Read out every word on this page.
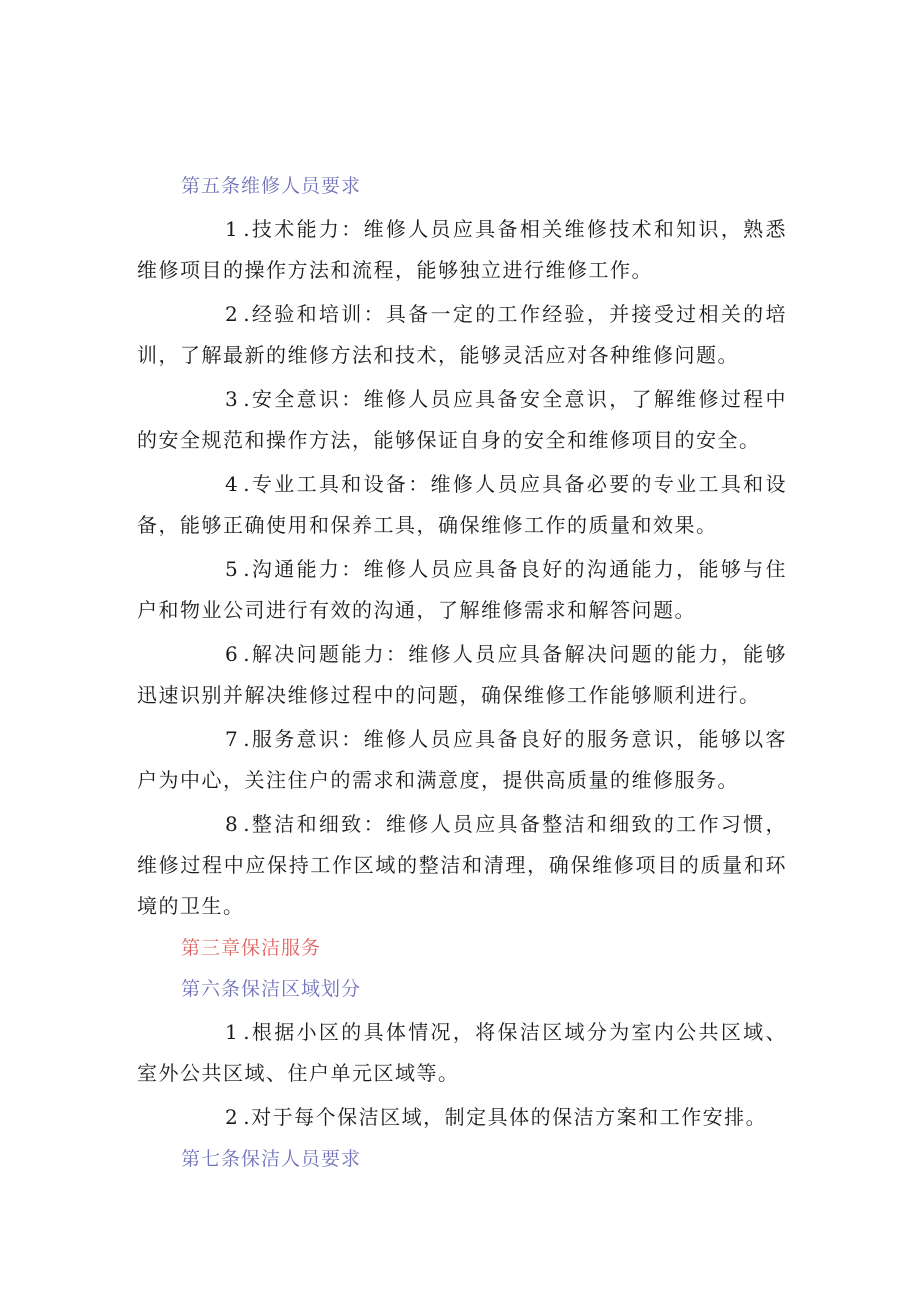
第五条维修人员要求

1 .技术能力：维修人员应具备相关维修技术和知识，熟悉维修项目的操作方法和流程，能够独立进行维修工作。

2 .经验和培训：具备一定的工作经验，并接受过相关的培训，了解最新的维修方法和技术，能够灵活应对各种维修问题。

3 .安全意识：维修人员应具备安全意识，了解维修过程中的安全规范和操作方法，能够保证自身的安全和维修项目的安全。

4 .专业工具和设备：维修人员应具备必要的专业工具和设备，能够正确使用和保养工具，确保维修工作的质量和效果。

5 .沟通能力：维修人员应具备良好的沟通能力，能够与住户和物业公司进行有效的沟通，了解维修需求和解答问题。

6 .解决问题能力：维修人员应具备解决问题的能力，能够迅速识别并解决维修过程中的问题，确保维修工作能够顺利进行。

7 .服务意识：维修人员应具备良好的服务意识，能够以客户为中心，关注住户的需求和满意度，提供高质量的维修服务。

8 .整洁和细致：维修人员应具备整洁和细致的工作习惯，维修过程中应保持工作区域的整洁和清理，确保维修项目的质量和环境的卫生。

第三章保洁服务
第六条保洁区域划分

1 .根据小区的具体情况，将保洁区域分为室内公共区域、室外公共区域、住户单元区域等。

2 .对于每个保洁区域，制定具体的保洁方案和工作安排。

第七条保洁人员要求
